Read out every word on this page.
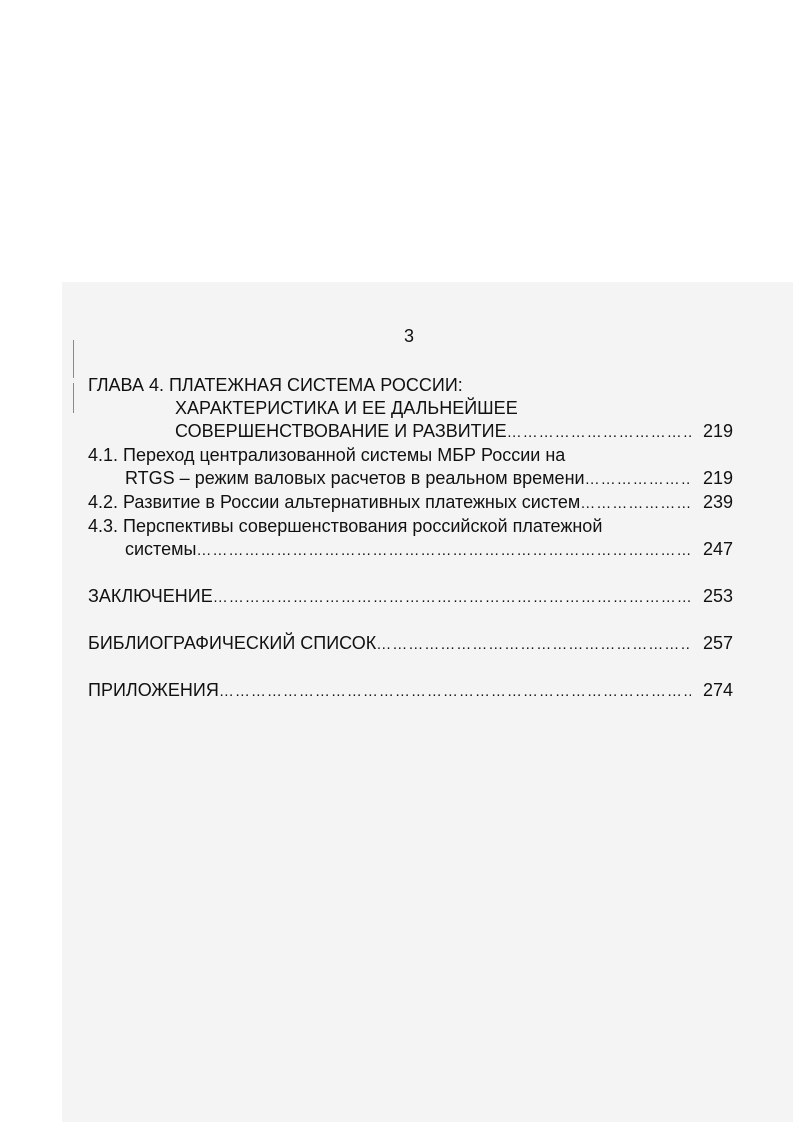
3
ГЛАВА 4. ПЛАТЕЖНАЯ СИСТЕМА РОССИИ:
ХАРАКТЕРИСТИКА И ЕЕ ДАЛЬНЕЙШЕЕ
СОВЕРШЕНСТВОВАНИЕ И РАЗВИТИЕ …………………………………………………………………………………………………………………………………………………………	219
4.1. Переход централизованной системы МБР России на
RTGS – режим валовых расчетов в реальном времени …………………………………………………………………………………………………………………………………………………………	219
4.2. Развитие в России альтернативных платежных систем …………………………………………………………………………………………………………………………………………………………	239
4.3. Перспективы совершенствования российской платежной
системы …………………………………………………………………………………………………………………………………………………………	247
ЗАКЛЮЧЕНИЕ …………………………………………………………………………………………………………………………………………………………	253
БИБЛИОГРАФИЧЕСКИЙ СПИСОК …………………………………………………………………………………………………………………………………………………………	257
ПРИЛОЖЕНИЯ …………………………………………………………………………………………………………………………………………………………	274
